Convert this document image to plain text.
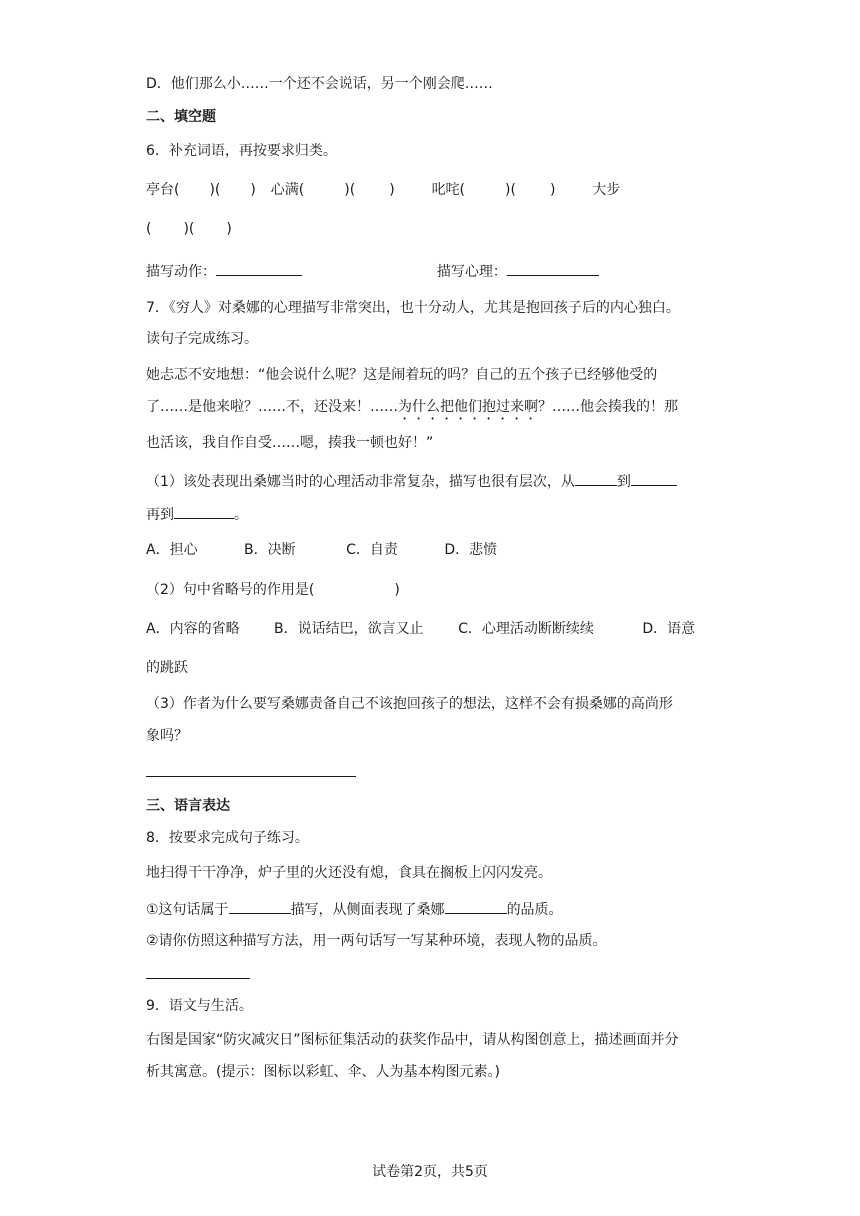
D．他们那么小……一个还不会说话，另一个刚会爬……
二、填空题
6．补充词语，再按要求归类。
亭台( )( ) 心满(	)( )	叱咤(	)( )	大步
( )( )
描写动作：	描写心理：
7．《穷人》对桑娜的心理描写非常突出，也十分动人，尤其是抱回孩子后的内心独白。
读句子完成练习。
她忐忑不安地想：“他会说什么呢？这是闹着玩的吗？自己的五个孩子已经够他受的
了……是他来啦？……不，还没来！……为什么把他们抱过来啊？……他会揍我的！那
也活该，我自作自受……嗯，揍我一顿也好！”
（1）该处表现出桑娜当时的心理活动非常复杂，描写也很有层次，从	到
再到	。
A．担心	B．决断	C．自责	D．悲愤
（2）句中省略号的作用是(	)
A．内容的省略 B．说话结巴，欲言又止 C．心理活动断断续续	D．语意
的跳跃
（3）作者为什么要写桑娜责备自己不该抱回孩子的想法，这样不会有损桑娜的高尚形
象吗？
三、语言表达
8．按要求完成句子练习。
地扫得干干净净，炉子里的火还没有熄，食具在搁板上闪闪发亮。
①这句话属于	描写，从侧面表现了桑娜	的品质。
②请你仿照这种描写方法，用一两句话写一写某种环境，表现人物的品质。
9．语文与生活。
右图是国家“防灾减灾日”图标征集活动的获奖作品中，请从构图创意上，描述画面并分
析其寓意。(提示：图标以彩虹、伞、人为基本构图元素。)
试卷第2页，共5页
